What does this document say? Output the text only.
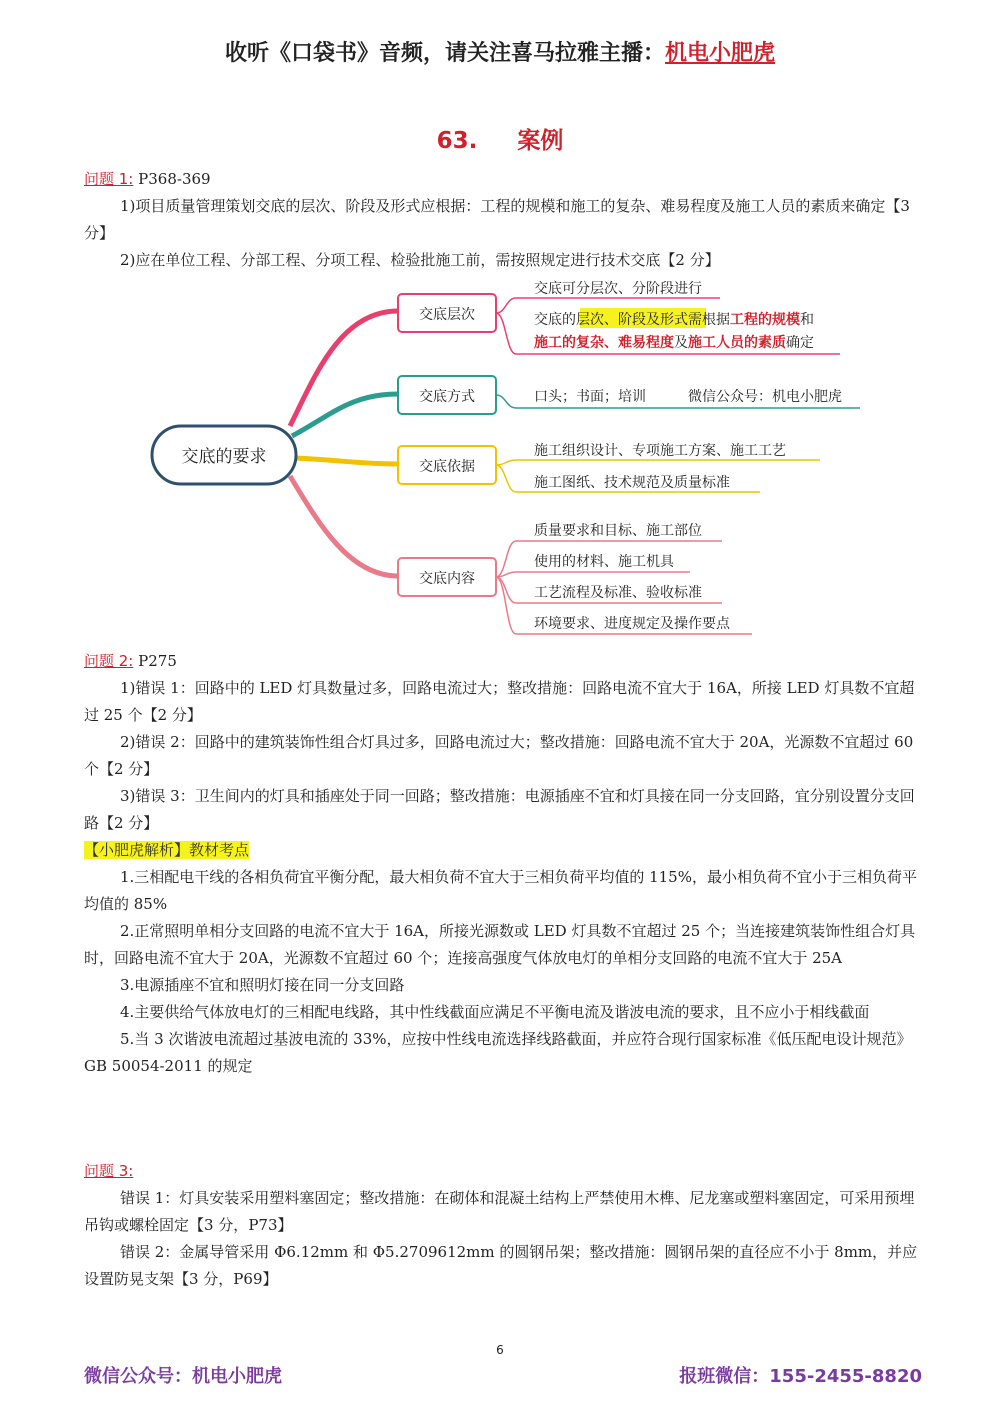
收听《口袋书》音频，请关注喜马拉雅主播：机电小肥虎
63. 案例

问题 1: P368-369

1)项目质量管理策划交底的层次、阶段及形式应根据：工程的规模和施工的复杂、难易程度及施工人员的素质来确定【3 分】

2)应在单位工程、分部工程、分项工程、检验批施工前，需按照规定进行技术交底【2 分】

交底的要求
交底层次
交底可分层次、分阶段进行
交底的层次、阶段及形式需根据工程的规模和
施工的复杂、难易程度及施工人员的素质确定
交底方式	口头；书面；培训	微信公众号：机电小肥虎
交底依据
施工组织设计、专项施工方案、施工工艺
施工图纸、技术规范及质量标准
交底内容
质量要求和目标、施工部位
使用的材料、施工机具
工艺流程及标准、验收标准
环境要求、进度规定及操作要点

问题 2: P275

1)错误 1：回路中的 LED 灯具数量过多，回路电流过大；整改措施：回路电流不宜大于 16A，所接 LED 灯具数不宜超过 25 个【2 分】

2)错误 2：回路中的建筑装饰性组合灯具过多，回路电流过大；整改措施：回路电流不宜大于 20A，光源数不宜超过 60 个【2 分】

3)错误 3：卫生间内的灯具和插座处于同一回路；整改措施：电源插座不宜和灯具接在同一分支回路，宜分别设置分支回路【2 分】

【小肥虎解析】教材考点

1.三相配电干线的各相负荷宜平衡分配，最大相负荷不宜大于三相负荷平均值的 115%，最小相负荷不宜小于三相负荷平均值的 85%

2.正常照明单相分支回路的电流不宜大于 16A，所接光源数或 LED 灯具数不宜超过 25 个；当连接建筑装饰性组合灯具时，回路电流不宜大于 20A，光源数不宜超过 60 个；连接高强度气体放电灯的单相分支回路的电流不宜大于 25A

3.电源插座不宜和照明灯接在同一分支回路

4.主要供给气体放电灯的三相配电线路，其中性线截面应满足不平衡电流及谐波电流的要求，且不应小于相线截面

5.当 3 次谐波电流超过基波电流的 33%，应按中性线电流选择线路截面，并应符合现行国家标准《低压配电设计规范》GB 50054-2011 的规定

问题 3:

错误 1：灯具安装采用塑料塞固定；整改措施：在砌体和混凝土结构上严禁使用木榫、尼龙塞或塑料塞固定，可采用预埋吊钩或螺栓固定【3 分，P73】

错误 2：金属导管采用 Φ6.12mm 和 Φ5.2709612mm 的圆钢吊架；整改措施：圆钢吊架的直径应不小于 8mm，并应设置防晃支架【3 分，P69】

6
微信公众号：机电小肥虎	报班微信：155-2455-8820
